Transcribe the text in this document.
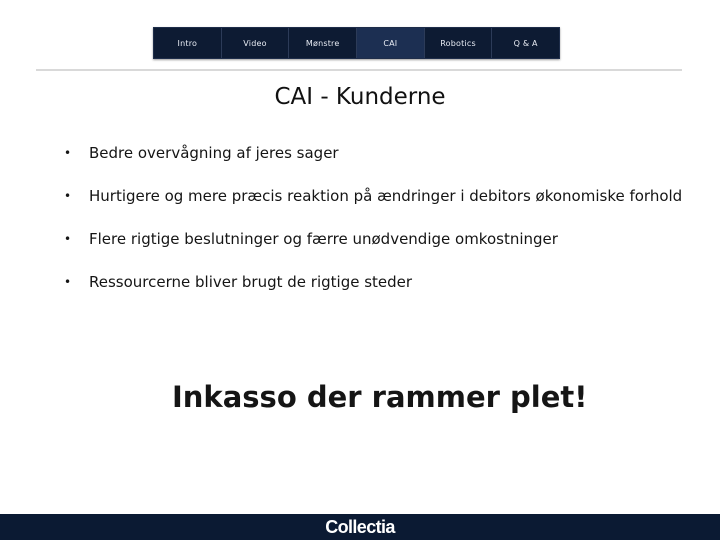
Intro	Video	Mønstre	CAI	Robotics	Q & A
CAI - Kunderne
•	Bedre overvågning af jeres sager
•	Hurtigere og mere præcis reaktion på ændringer i debitors økonomiske forhold
•	Flere rigtige beslutninger og færre unødvendige omkostninger
•	Ressourcerne bliver brugt de rigtige steder
Inkasso der rammer plet!
Collectia
